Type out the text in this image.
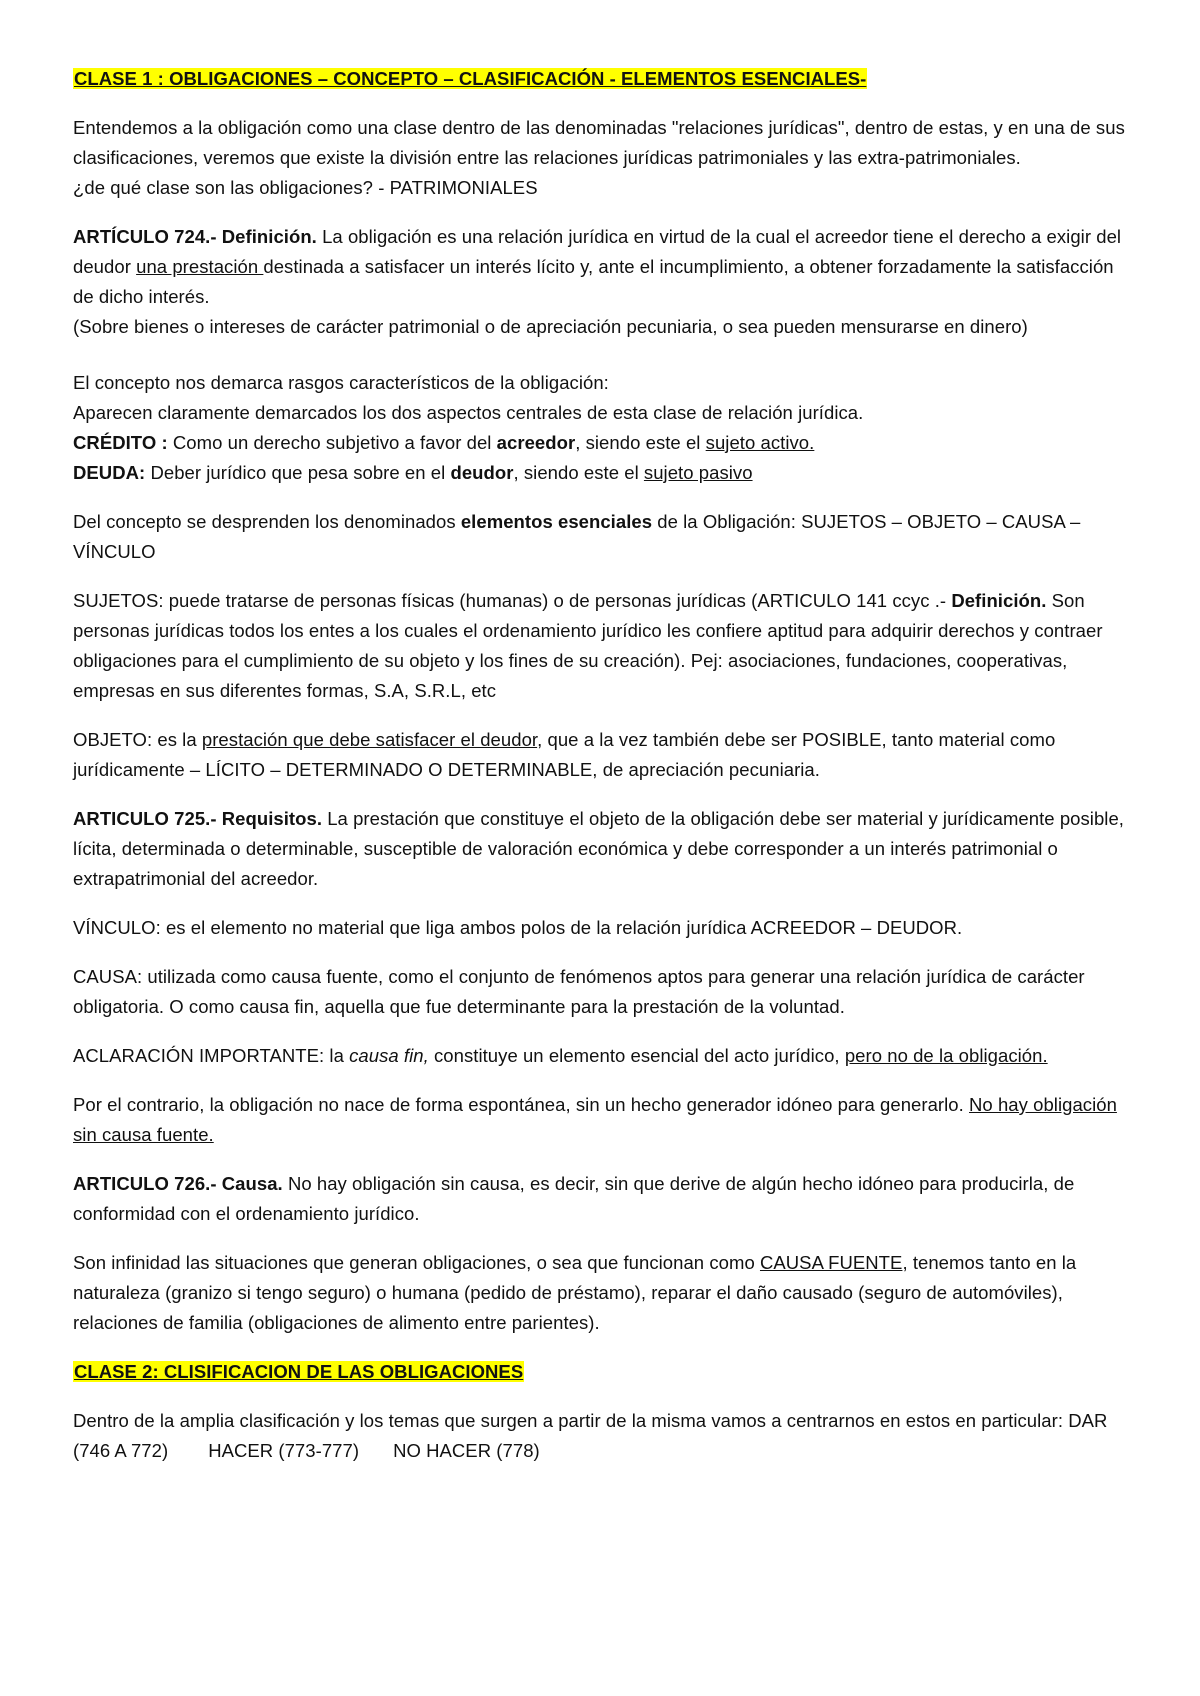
CLASE 1 : OBLIGACIONES – CONCEPTO – CLASIFICACIÓN - ELEMENTOS ESENCIALES-

Entendemos a la obligación como una clase dentro de las denominadas "relaciones jurídicas", dentro de estas, y en una de sus clasificaciones, veremos que existe la división entre las relaciones jurídicas patrimoniales y las extra-patrimoniales.

¿de qué clase son las obligaciones? - PATRIMONIALES

ARTÍCULO 724.- Definición. La obligación es una relación jurídica en virtud de la cual el acreedor tiene el derecho a exigir del deudor una prestación destinada a satisfacer un interés lícito y, ante el incumplimiento, a obtener forzadamente la satisfacción de dicho interés.

(Sobre bienes o intereses de carácter patrimonial o de apreciación pecuniaria, o sea pueden mensurarse en dinero)

El concepto nos demarca rasgos característicos de la obligación:

Aparecen claramente demarcados los dos aspectos centrales de esta clase de relación jurídica.

CRÉDITO : Como un derecho subjetivo a favor del acreedor, siendo este el sujeto activo.

DEUDA: Deber jurídico que pesa sobre en el deudor, siendo este el sujeto pasivo

Del concepto se desprenden los denominados elementos esenciales de la Obligación: SUJETOS – OBJETO – CAUSA – VÍNCULO

SUJETOS: puede tratarse de personas físicas (humanas) o de personas jurídicas (ARTICULO 141 ccyc .- Definición. Son personas jurídicas todos los entes a los cuales el ordenamiento jurídico les confiere aptitud para adquirir derechos y contraer obligaciones para el cumplimiento de su objeto y los fines de su creación). Pej: asociaciones, fundaciones, cooperativas, empresas en sus diferentes formas, S.A, S.R.L, etc

OBJETO: es la prestación que debe satisfacer el deudor, que a la vez también debe ser POSIBLE, tanto material como jurídicamente – LÍCITO – DETERMINADO O DETERMINABLE, de apreciación pecuniaria.

ARTICULO 725.- Requisitos. La prestación que constituye el objeto de la obligación debe ser material y jurídicamente posible, lícita, determinada o determinable, susceptible de valoración económica y debe corresponder a un interés patrimonial o extrapatrimonial del acreedor.

VÍNCULO: es el elemento no material que liga ambos polos de la relación jurídica ACREEDOR – DEUDOR.

CAUSA: utilizada como causa fuente, como el conjunto de fenómenos aptos para generar una relación jurídica de carácter obligatoria. O como causa fin, aquella que fue determinante para la prestación de la voluntad.

ACLARACIÓN IMPORTANTE: la causa fin, constituye un elemento esencial del acto jurídico, pero no de la obligación.

Por el contrario, la obligación no nace de forma espontánea, sin un hecho generador idóneo para generarlo. No hay obligación sin causa fuente.

ARTICULO 726.- Causa. No hay obligación sin causa, es decir, sin que derive de algún hecho idóneo para producirla, de conformidad con el ordenamiento jurídico.

Son infinidad las situaciones que generan obligaciones, o sea que funcionan como CAUSA FUENTE, tenemos tanto en la naturaleza (granizo si tengo seguro) o humana (pedido de préstamo), reparar el daño causado (seguro de automóviles), relaciones de familia (obligaciones de alimento entre parientes).

CLASE 2: CLISIFICACION DE LAS OBLIGACIONES

Dentro de la amplia clasificación y los temas que surgen a partir de la misma vamos a centrarnos en estos en particular: DAR (746 A 772) HACER (773-777) NO HACER (778)
